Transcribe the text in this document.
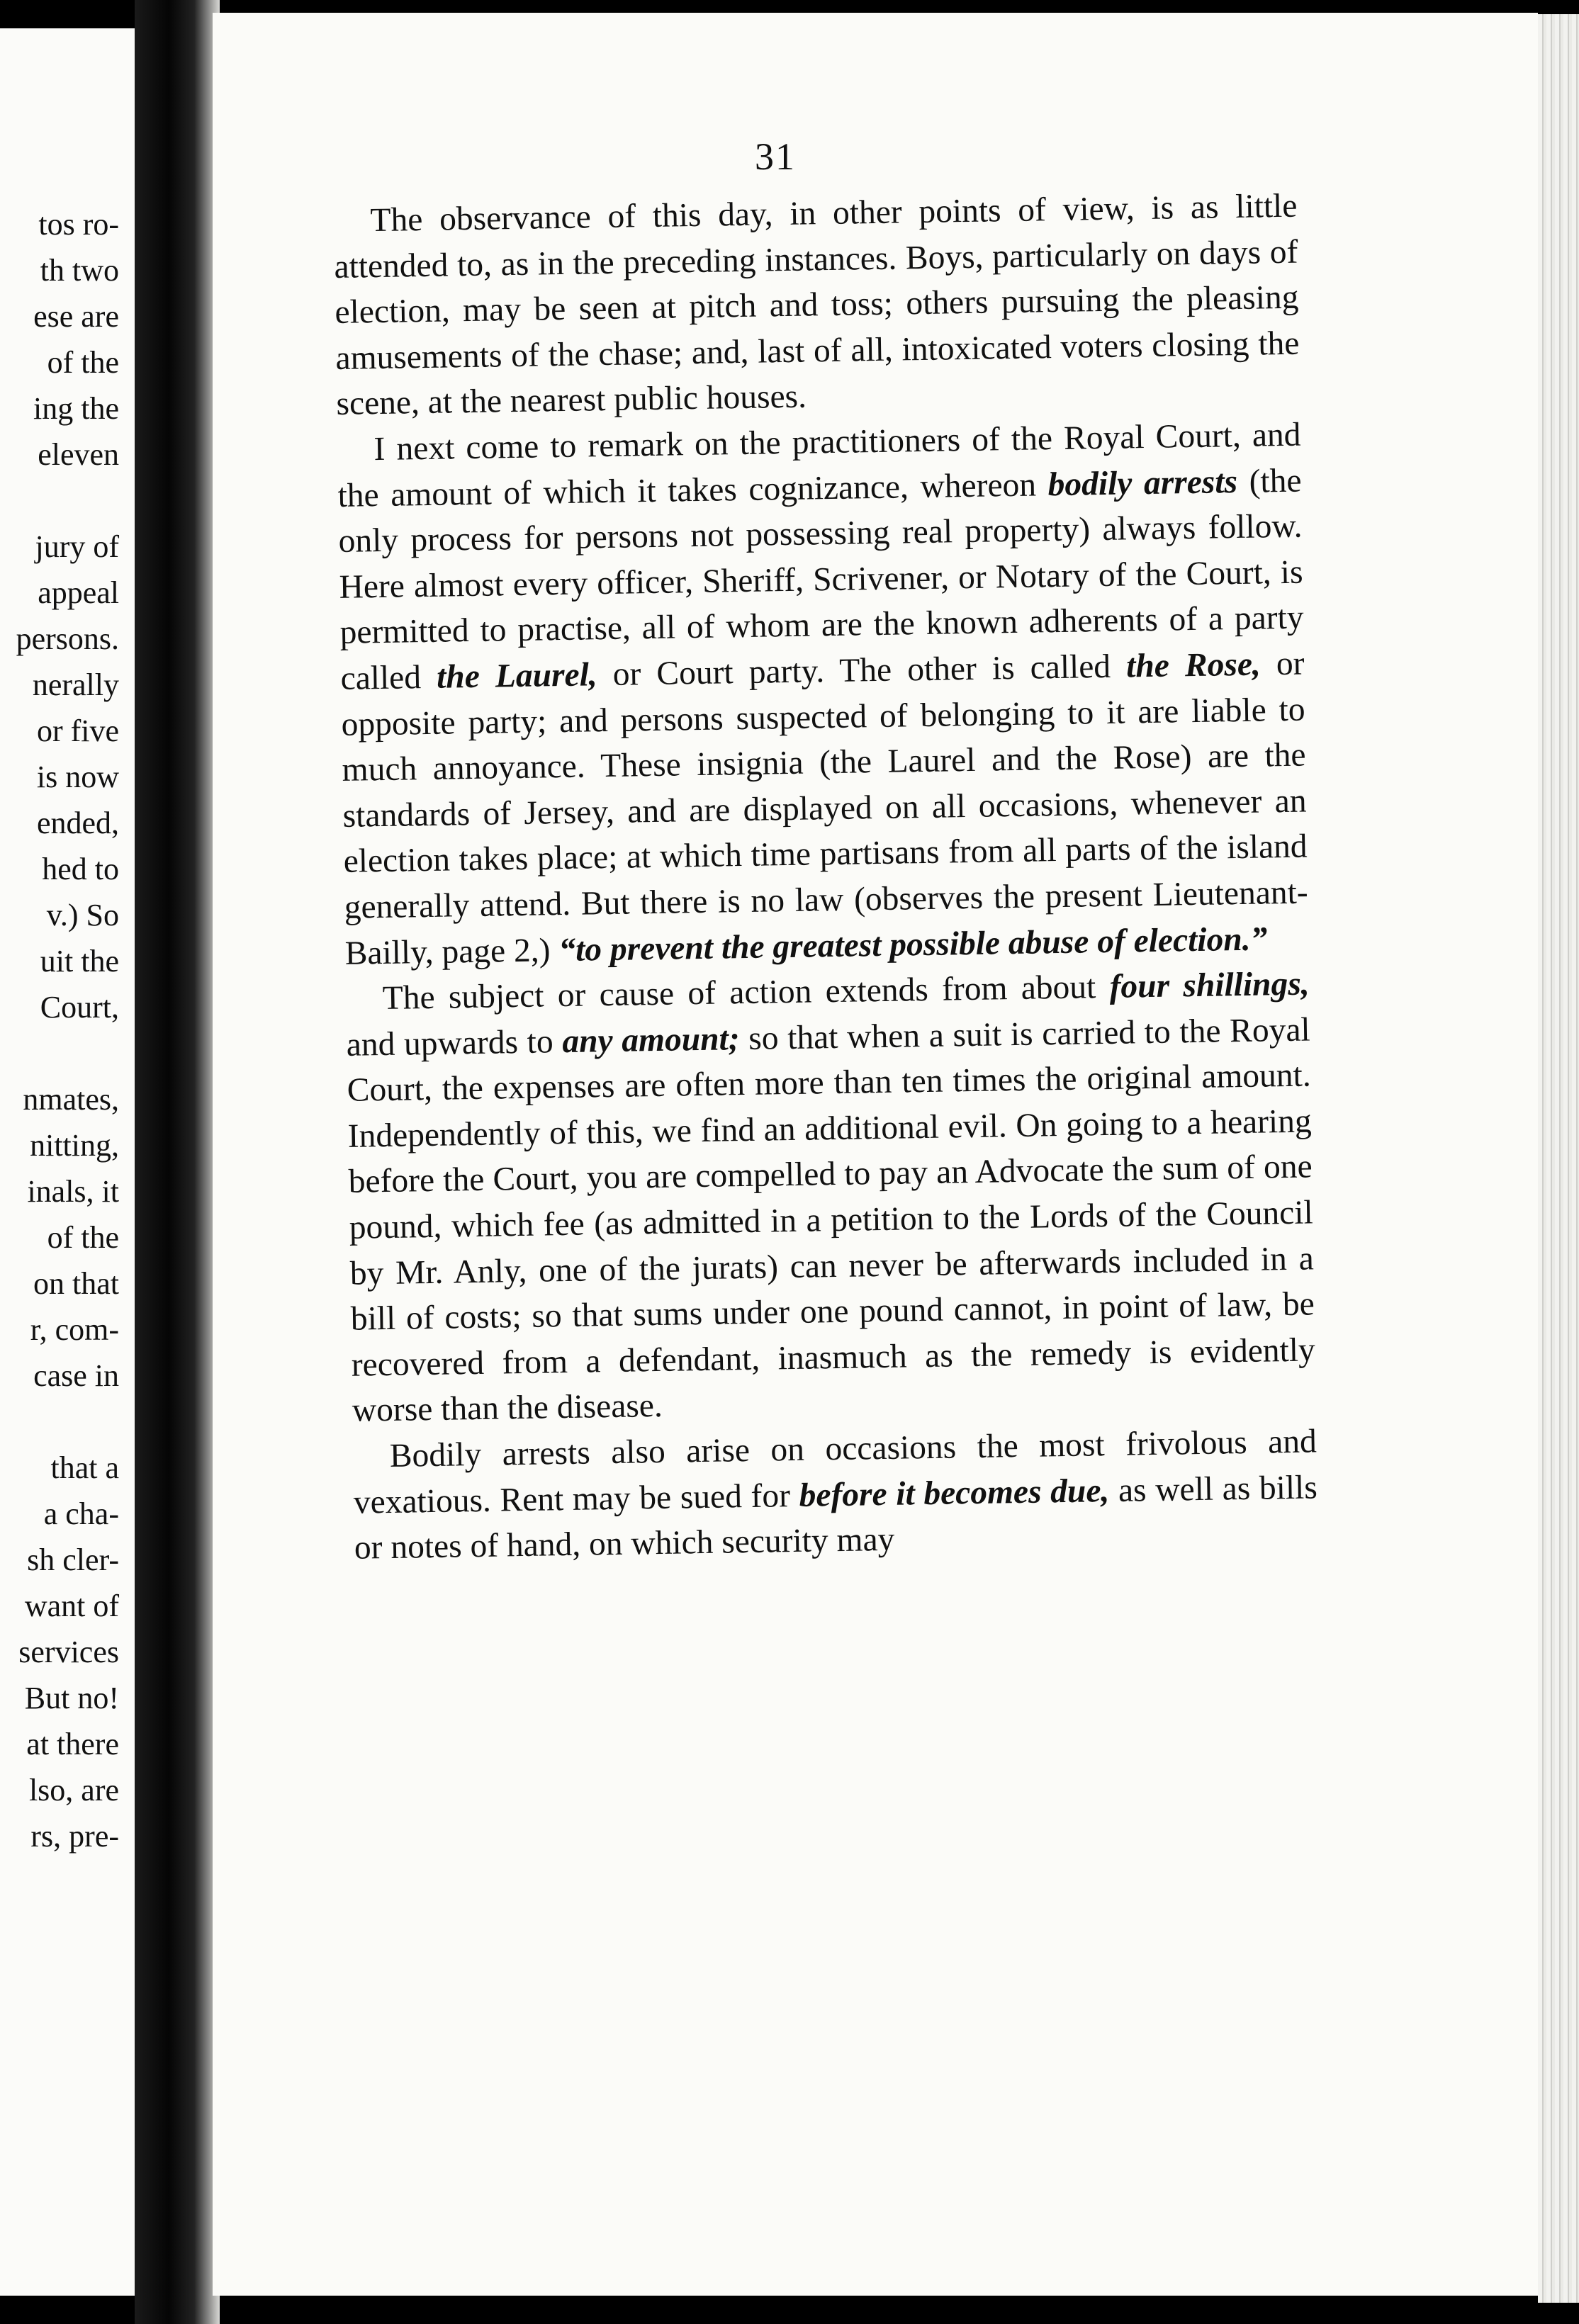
tos ro-
th two
ese are
of the
ing the
eleven
jury of
appeal
persons.
nerally
or five
is now
ended,
hed to
v.) So
uit the
Court,
nmates,
nitting,
inals, it
of the
on that
r, com-
case in
that a
a cha-
sh cler-
want of
services
But no!
at there
lso, are
rs, pre-
31

The observance of this day, in other points of view, is as little attended to, as in the preceding instances. Boys, particularly on days of election, may be seen at pitch and toss; others pursuing the pleasing amusements of the chase; and, last of all, intoxicated voters closing the scene, at the nearest public houses.

I next come to remark on the practitioners of the Royal Court, and the amount of which it takes cognizance, whereon bodily arrests (the only process for persons not possessing real property) always follow. Here almost every officer, Sheriff, Scrivener, or Notary of the Court, is permitted to practise, all of whom are the known adherents of a party called the Laurel, or Court party. The other is called the Rose, or opposite party; and persons suspected of belonging to it are liable to much annoyance. These insignia (the Laurel and the Rose) are the standards of Jersey, and are displayed on all occasions, whenever an election takes place; at which time partisans from all parts of the island generally attend. But there is no law (observes the present Lieutenant-Bailly, page 2,) “to prevent the greatest possible abuse of election.”

The subject or cause of action extends from about four shillings, and upwards to any amount; so that when a suit is carried to the Royal Court, the expenses are often more than ten times the original amount. Independently of this, we find an additional evil. On going to a hearing before the Court, you are compelled to pay an Advocate the sum of one pound, which fee (as admitted in a petition to the Lords of the Council by Mr. Anly, one of the jurats) can never be afterwards included in a bill of costs; so that sums under one pound cannot, in point of law, be recovered from a defendant, inasmuch as the remedy is evidently worse than the disease.

Bodily arrests also arise on occasions the most frivolous and vexatious. Rent may be sued for before it becomes due, as well as bills or notes of hand, on which security may
